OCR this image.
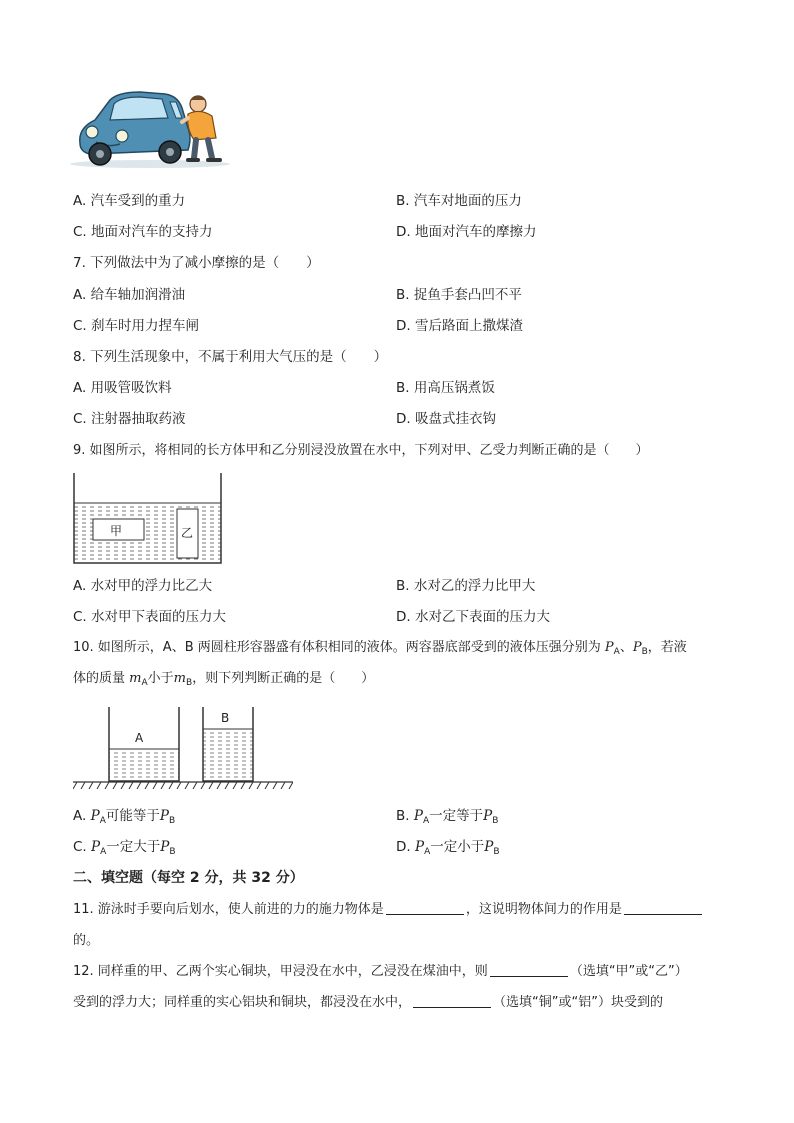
A. 汽车受到的重力	B. 汽车对地面的压力
C. 地面对汽车的支持力	D. 地面对汽车的摩擦力
7. 下列做法中为了减小摩擦的是（　　）
A. 给车轴加润滑油	B. 捉鱼手套凸凹不平
C. 刹车时用力捏车闸	D. 雪后路面上撒煤渣
8. 下列生活现象中，不属于利用大气压的是（　　）
A. 用吸管吸饮料	B. 用高压锅煮饭
C. 注射器抽取药液	D. 吸盘式挂衣钩
9. 如图所示，将相同的长方体甲和乙分别浸没放置在水中，下列对甲、乙受力判断正确的是（　　）
甲	乙
A. 水对甲的浮力比乙大	B. 水对乙的浮力比甲大
C. 水对甲下表面的压力大	D. 水对乙下表面的压力大
10. 如图所示，A、B 两圆柱形容器盛有体积相同的液体。两容器底部受到的液体压强分别为 $P_A$、$P_B$，若液
体的质量 $m_A$小于$m_B$，则下列判断正确的是（　　）
A
B
A. $P_A$可能等于$P_B$	B. $P_A$一定等于$P_B$
C. $P_A$一定大于$P_B$	D. $P_A$一定小于$P_B$
二、填空题（每空 2 分，共 32 分）
11. 游泳时手要向后划水，使人前进的力的施力物体是	，这说明物体间力的作用是
的。
12. 同样重的甲、乙两个实心铜块，甲浸没在水中，乙浸没在煤油中，则	（选填“甲”或“乙”）
受到的浮力大；同样重的实心铝块和铜块，都浸没在水中，	（选填“铜”或“铝”）块受到的
